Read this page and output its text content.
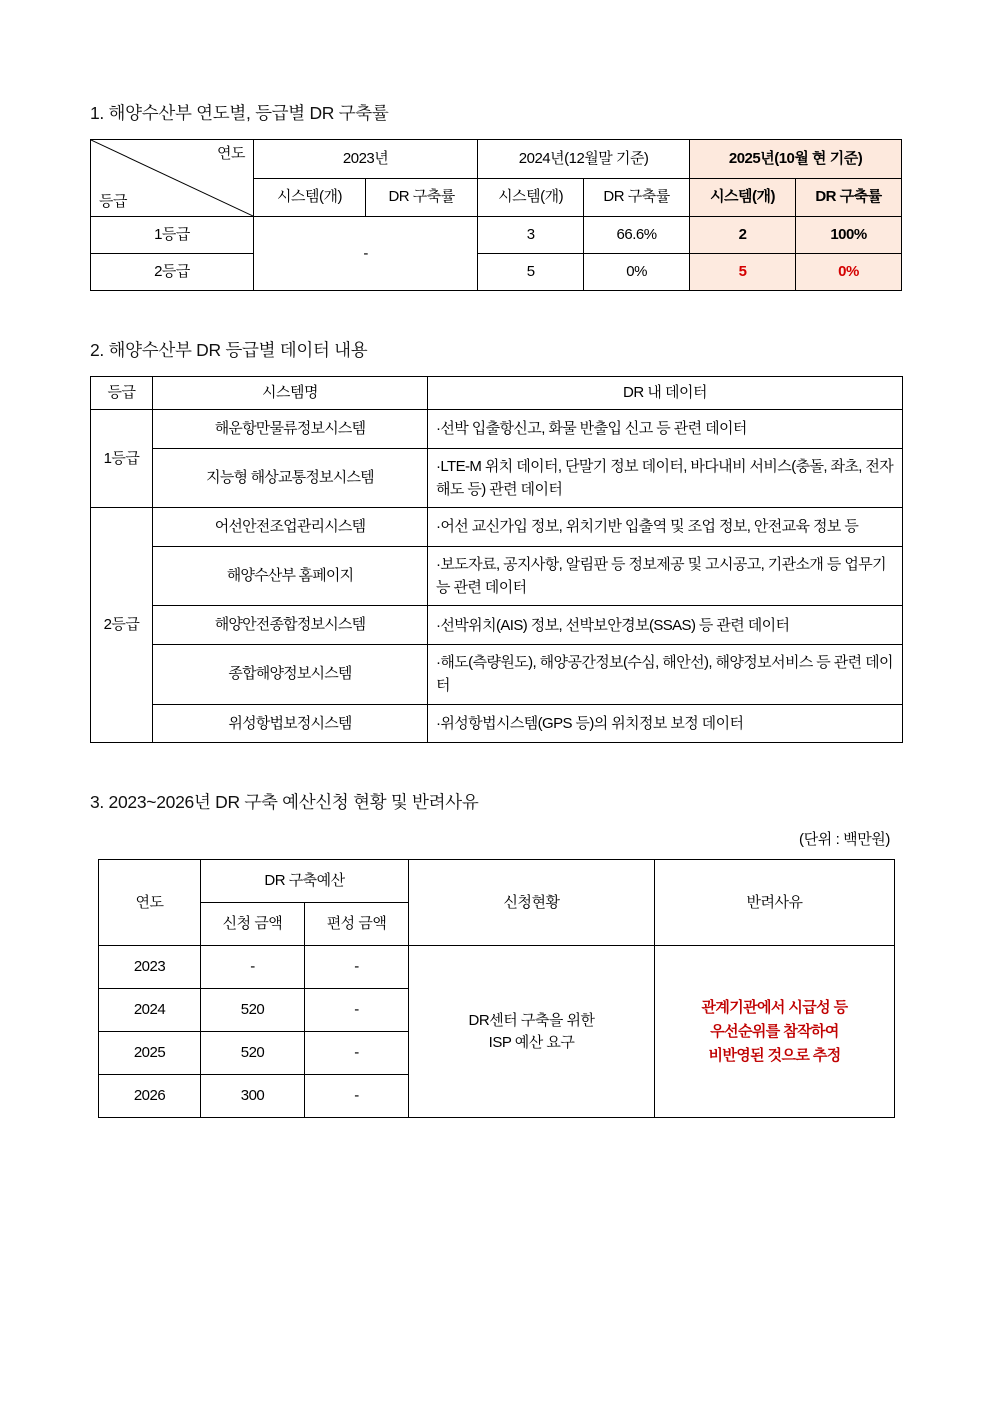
1. 해양수산부 연도별, 등급별 DR 구축률
연도
등급	2023년		2024년(12월말 기준)		2025년(10월 현 기준)	
	시스템(개)	DR 구축률	시스템(개)	DR 구축률	시스템(개)	DR 구축률
1등급	-		3	66.6%	2	100%
2등급			5	0%	5	0%
2. 해양수산부 DR 등급별 데이터 내용
등급	시스템명	DR 내 데이터
1등급	해운항만물류정보시스템	·선박 입출항신고, 화물 반출입 신고 등 관련 데이터
	지능형 해상교통정보시스템	·LTE-M 위치 데이터, 단말기 정보 데이터, 바다내비 서비스(충돌, 좌초, 전자해도 등) 관련 데이터
2등급	어선안전조업관리시스템	·어선 교신가입 정보, 위치기반 입출역 및 조업 정보, 안전교육 정보 등
	해양수산부 홈페이지	·보도자료, 공지사항, 알림판 등 정보제공 및 고시공고, 기관소개 등 업무기능 관련 데이터
	해양안전종합정보시스템	·선박위치(AIS) 정보, 선박보안경보(SSAS) 등 관련 데이터
	종합해양정보시스템	·해도(측량원도), 해양공간정보(수심, 해안선), 해양정보서비스 등 관련 데이터
	위성항법보정시스템	·위성항법시스템(GPS 등)의 위치정보 보정 데이터
3. 2023~2026년 DR 구축 예산신청 현황 및 반려사유
(단위 : 백만원)
연도	DR 구축예산		신청현황	반려사유
	신청 금액	편성 금액		
2023	-	-	
DR센터 구축을 위한
ISP 예산 요구

관계기관에서 시급성 등
우선순위를 참작하여
비반영된 것으로 추정

2024	520	-		
2025	520	-		
2026	300	-		
